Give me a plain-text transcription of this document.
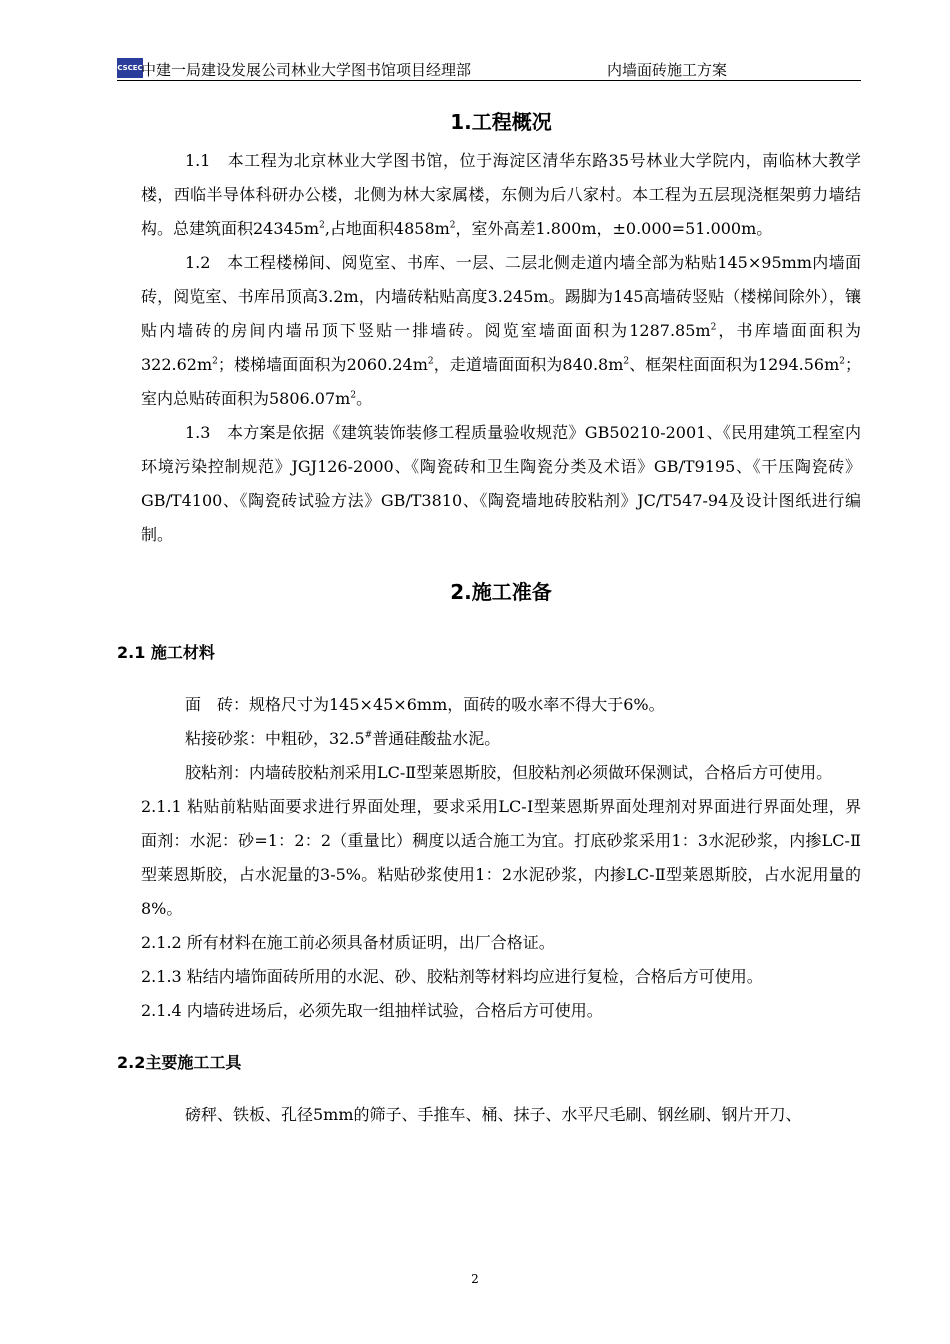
CSCEC
中建一局建设发展公司林业大学图书馆项目经理部	内墙面砖施工方案
1.工程概况

1.1　本工程为北京林业大学图书馆，位于海淀区清华东路35号林业大学院内，南临林大教学楼，西临半导体科研办公楼，北侧为林大家属楼，东侧为后八家村。本工程为五层现浇框架剪力墙结构。总建筑面积$24345m^2$,占地面积$4858m^2$，室外高差1.800m，±0.000=51.000m。

1.2　本工程楼梯间、阅览室、书库、一层、二层北侧走道内墙全部为粘贴145×95mm内墙面砖，阅览室、书库吊顶高3.2m，内墙砖粘贴高度3.245m。踢脚为145高墙砖竖贴（楼梯间除外），镶贴内墙砖的房间内墙吊顶下竖贴一排墙砖。阅览室墙面面积为$1287.85m^2$，书库墙面面积为$322.62m^2$；楼梯墙面面积为$2060.24m^2$，走道墙面面积为$840.8m^2$、框架柱面面积为$1294.56m^2$；室内总贴砖面积为$5806.07m^2$。

1.3　本方案是依据《建筑装饰装修工程质量验收规范》GB50210-2001、《民用建筑工程室内环境污染控制规范》JGJ126-2000、《陶瓷砖和卫生陶瓷分类及术语》GB/T9195、《干压陶瓷砖》GB/T4100、《陶瓷砖试验方法》GB/T3810、《陶瓷墙地砖胶粘剂》JC/T547-94及设计图纸进行编制。

2.施工准备
2.1 施工材料

面　砖：规格尺寸为145×45×6mm，面砖的吸水率不得大于6%。

粘接砂浆：中粗砂，32.5#普通硅酸盐水泥。

胶粘剂：内墙砖胶粘剂采用LC-Ⅱ型莱恩斯胶，但胶粘剂必须做环保测试，合格后方可使用。

2.1.1 粘贴前粘贴面要求进行界面处理，要求采用LC-Ⅰ型莱恩斯界面处理剂对界面进行界面处理，界面剂：水泥：砂=1：2：2（重量比）稠度以适合施工为宜。打底砂浆采用1：3水泥砂浆，内掺LC-Ⅱ型莱恩斯胶，占水泥量的3-5%。粘贴砂浆使用1：2水泥砂浆，内掺LC-Ⅱ型莱恩斯胶，占水泥用量的8%。

2.1.2 所有材料在施工前必须具备材质证明，出厂合格证。

2.1.3 粘结内墙饰面砖所用的水泥、砂、胶粘剂等材料均应进行复检，合格后方可使用。

2.1.4 内墙砖进场后，必须先取一组抽样试验，合格后方可使用。

2.2主要施工工具

磅秤、铁板、孔径5mm的筛子、手推车、桶、抹子、水平尺毛刷、钢丝刷、钢片开刀、

2
